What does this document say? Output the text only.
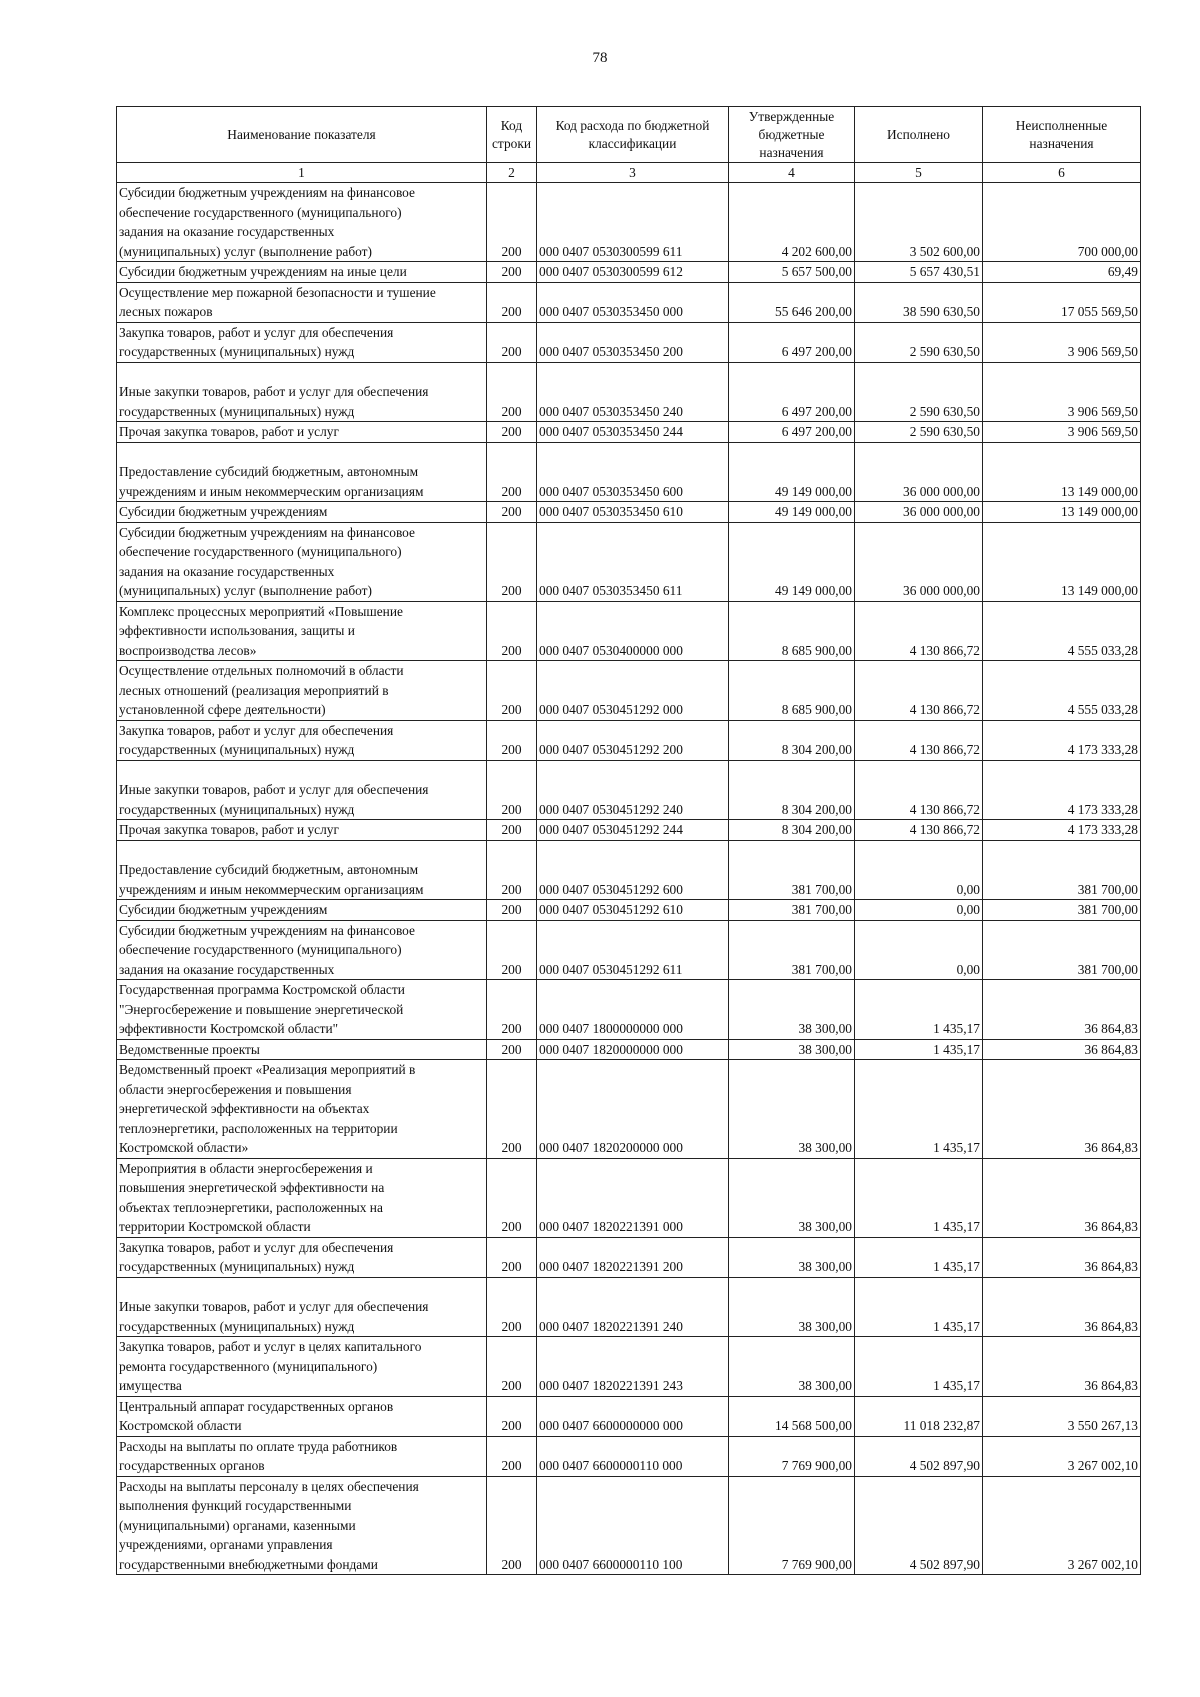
78
Наименование показателя	Код строки	Код расхода по бюджетной классификации	Утвержденные бюджетные назначения	Исполнено	Неисполненные назначения
1	2	3	4	5	6
Субсидии бюджетным учреждениям на финансовое
обеспечение государственного (муниципального)
задания на оказание государственных
(муниципальных) услуг (выполнение работ)	200	000 0407 0530300599 611	4 202 600,00	3 502 600,00	700 000,00
Субсидии бюджетным учреждениям на иные цели	200	000 0407 0530300599 612	5 657 500,00	5 657 430,51	69,49
Осуществление мер пожарной безопасности и тушение
лесных пожаров	200	000 0407 0530353450 000	55 646 200,00	38 590 630,50	17 055 569,50
Закупка товаров, работ и услуг для обеспечения
государственных (муниципальных) нужд	200	000 0407 0530353450 200	6 497 200,00	2 590 630,50	3 906 569,50

Иные закупки товаров, работ и услуг для обеспечения
государственных (муниципальных) нужд	200	000 0407 0530353450 240	6 497 200,00	2 590 630,50	3 906 569,50
Прочая закупка товаров, работ и услуг	200	000 0407 0530353450 244	6 497 200,00	2 590 630,50	3 906 569,50

Предоставление субсидий бюджетным, автономным
учреждениям и иным некоммерческим организациям	200	000 0407 0530353450 600	49 149 000,00	36 000 000,00	13 149 000,00
Субсидии бюджетным учреждениям	200	000 0407 0530353450 610	49 149 000,00	36 000 000,00	13 149 000,00
Субсидии бюджетным учреждениям на финансовое
обеспечение государственного (муниципального)
задания на оказание государственных
(муниципальных) услуг (выполнение работ)	200	000 0407 0530353450 611	49 149 000,00	36 000 000,00	13 149 000,00
Комплекс процессных мероприятий «Повышение
эффективности использования, защиты и
воспроизводства лесов»	200	000 0407 0530400000 000	8 685 900,00	4 130 866,72	4 555 033,28
Осуществление отдельных полномочий в области
лесных отношений (реализация мероприятий в
установленной сфере деятельности)	200	000 0407 0530451292 000	8 685 900,00	4 130 866,72	4 555 033,28
Закупка товаров, работ и услуг для обеспечения
государственных (муниципальных) нужд	200	000 0407 0530451292 200	8 304 200,00	4 130 866,72	4 173 333,28

Иные закупки товаров, работ и услуг для обеспечения
государственных (муниципальных) нужд	200	000 0407 0530451292 240	8 304 200,00	4 130 866,72	4 173 333,28
Прочая закупка товаров, работ и услуг	200	000 0407 0530451292 244	8 304 200,00	4 130 866,72	4 173 333,28

Предоставление субсидий бюджетным, автономным
учреждениям и иным некоммерческим организациям	200	000 0407 0530451292 600	381 700,00	0,00	381 700,00
Субсидии бюджетным учреждениям	200	000 0407 0530451292 610	381 700,00	0,00	381 700,00
Субсидии бюджетным учреждениям на финансовое
обеспечение государственного (муниципального)
задания на оказание государственных	200	000 0407 0530451292 611	381 700,00	0,00	381 700,00
Государственная программа Костромской области
"Энергосбережение и повышение энергетической
эффективности Костромской области"	200	000 0407 1800000000 000	38 300,00	1 435,17	36 864,83
Ведомственные проекты	200	000 0407 1820000000 000	38 300,00	1 435,17	36 864,83
Ведомственный проект «Реализация мероприятий в
области энергосбережения и повышения
энергетической эффективности на объектах
теплоэнергетики, расположенных на территории
Костромской области»	200	000 0407 1820200000 000	38 300,00	1 435,17	36 864,83
Мероприятия в области энергосбережения и
повышения энергетической эффективности на
объектах теплоэнергетики, расположенных на
территории Костромской области	200	000 0407 1820221391 000	38 300,00	1 435,17	36 864,83
Закупка товаров, работ и услуг для обеспечения
государственных (муниципальных) нужд	200	000 0407 1820221391 200	38 300,00	1 435,17	36 864,83

Иные закупки товаров, работ и услуг для обеспечения
государственных (муниципальных) нужд	200	000 0407 1820221391 240	38 300,00	1 435,17	36 864,83
Закупка товаров, работ и услуг в целях капитального
ремонта государственного (муниципального)
имущества	200	000 0407 1820221391 243	38 300,00	1 435,17	36 864,83
Центральный аппарат государственных органов
Костромской области	200	000 0407 6600000000 000	14 568 500,00	11 018 232,87	3 550 267,13
Расходы на выплаты по оплате труда работников
государственных органов	200	000 0407 6600000110 000	7 769 900,00	4 502 897,90	3 267 002,10
Расходы на выплаты персоналу в целях обеспечения
выполнения функций государственными
(муниципальными) органами, казенными
учреждениями, органами управления
государственными внебюджетными фондами	200	000 0407 6600000110 100	7 769 900,00	4 502 897,90	3 267 002,10
